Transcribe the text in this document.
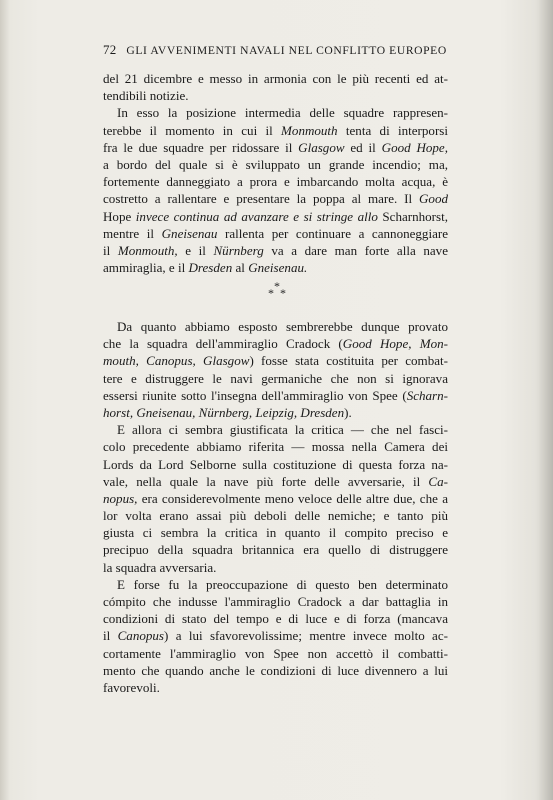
72 GLI AVVENIMENTI NAVALI NEL CONFLITTO EUROPEO
del 21 dicembre e messo in armonia con le più recenti ed at-
tendibili notizie.
In esso la posizione intermedia delle squadre rappresen-
terebbe il momento in cui il Monmouth tenta di interporsi
fra le due squadre per ridossare il Glasgow ed il Good Hope,
a bordo del quale si è sviluppato un grande incendio; ma,
fortemente danneggiato a prora e imbarcando molta acqua, è
costretto a rallentare e presentare la poppa al mare. Il Good
Hope invece continua ad avanzare e si stringe allo Scharnhorst,
mentre il Gneisenau rallenta per continuare a cannoneggiare
il Monmouth, e il Nürnberg va a dare man forte alla nave
ammiraglia, e il Dresden al Gneisenau.
* * *
Da quanto abbiamo esposto sembrerebbe dunque provato
che la squadra dell'ammiraglio Cradock (Good Hope, Mon-
mouth, Canopus, Glasgow) fosse stata costituita per combat-
tere e distruggere le navi germaniche che non si ignorava
essersi riunite sotto l'insegna dell'ammiraglio von Spee (Scharn-
horst, Gneisenau, Nürnberg, Leipzig, Dresden).
E allora ci sembra giustificata la critica — che nel fasci-
colo precedente abbiamo riferita — mossa nella Camera dei
Lords da Lord Selborne sulla costituzione di questa forza na-
vale, nella quale la nave più forte delle avversarie, il Ca-
nopus, era considerevolmente meno veloce delle altre due, che a
lor volta erano assai più deboli delle nemiche; e tanto più
giusta ci sembra la critica in quanto il compito preciso e
precipuo della squadra britannica era quello di distruggere
la squadra avversaria.
E forse fu la preoccupazione di questo ben determinato
cómpito che indusse l'ammiraglio Cradock a dar battaglia in
condizioni di stato del tempo e di luce e di forza (mancava
il Canopus) a lui sfavorevolissime; mentre invece molto ac-
cortamente l'ammiraglio von Spee non accettò il combatti-
mento che quando anche le condizioni di luce divennero a lui
favorevoli.
